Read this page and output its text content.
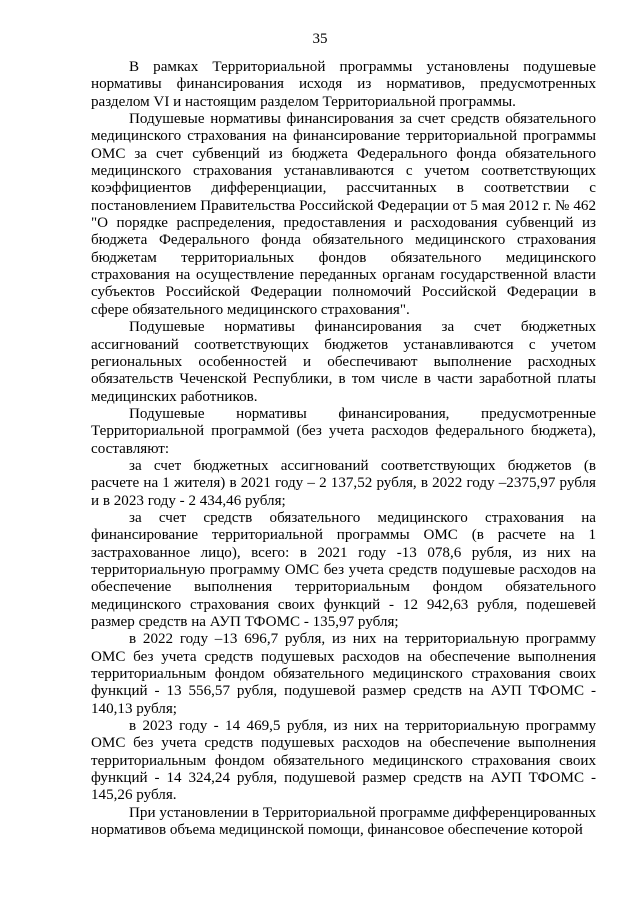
35

В рамках Территориальной программы установлены подушевые нормативы финансирования исходя из нормативов, предусмотренных разделом VI и настоящим разделом Территориальной программы.

Подушевые нормативы финансирования за счет средств обязательного медицинского страхования на финансирование территориальной программы ОМС за счет субвенций из бюджета Федерального фонда обязательного медицинского страхования устанавливаются с учетом соответствующих коэффициентов дифференциации, рассчитанных в соответствии с постановлением Правительства Российской Федерации от 5 мая 2012 г. № 462 "О порядке распределения, предоставления и расходования субвенций из бюджета Федерального фонда обязательного медицинского страхования бюджетам территориальных фондов обязательного медицинского страхования на осуществление переданных органам государственной власти субъектов Российской Федерации полномочий Российской Федерации в сфере обязательного медицинского страхования".

Подушевые нормативы финансирования за счет бюджетных ассигнований соответствующих бюджетов устанавливаются с учетом региональных особенностей и обеспечивают выполнение расходных обязательств Чеченской Республики, в том числе в части заработной платы медицинских работников.

Подушевые нормативы финансирования, предусмотренные Территориальной программой (без учета расходов федерального бюджета), составляют:

за счет бюджетных ассигнований соответствующих бюджетов (в расчете на 1 жителя) в 2021 году – 2 137,52 рубля, в 2022 году –2375,97 рубля и в 2023 году - 2 434,46 рубля;

за счет средств обязательного медицинского страхования на финансирование территориальной программы ОМС (в расчете на 1 застрахованное лицо), всего: в 2021 году -13 078,6 рубля, из них на территориальную программу ОМС без учета средств подушевые расходов на обеспечение выполнения территориальным фондом обязательного медицинского страхования своих функций - 12 942,63 рубля, подешевей размер средств на АУП ТФОМС - 135,97 рубля;

в 2022 году –13 696,7 рубля, из них на территориальную программу ОМС без учета средств подушевых расходов на обеспечение выполнения территориальным фондом обязательного медицинского страхования своих функций - 13 556,57 рубля, подушевой размер средств на АУП ТФОМС - 140,13 рубля;

в 2023 году - 14 469,5 рубля, из них на территориальную программу ОМС без учета средств подушевых расходов на обеспечение выполнения территориальным фондом обязательного медицинского страхования своих функций - 14 324,24 рубля, подушевой размер средств на АУП ТФОМС - 145,26 рубля.

При установлении в Территориальной программе дифференцированных нормативов объема медицинской помощи, финансовое обеспечение которой
